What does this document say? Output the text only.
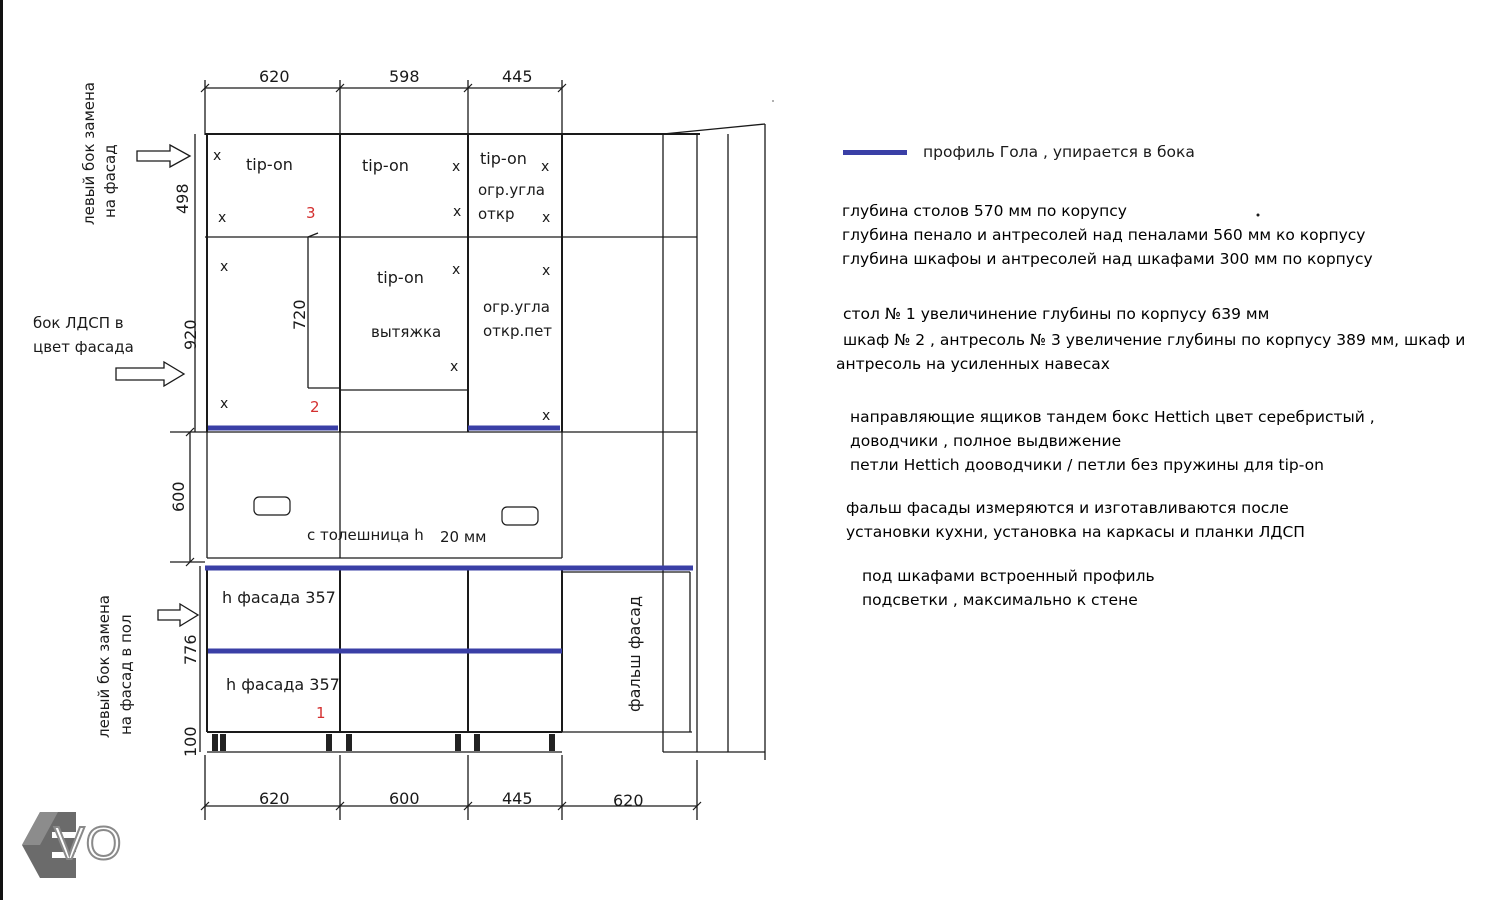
620	598	445
620	600	445	620
498
920
600
776
100
720
левый бок замена на фасад
левый бок замена на фасад в пол
бок ЛДСП в
цвет фасада
tip-on	tip-on	tip-on
огр.угла
откр
tip-on
вытяжка
огр.угла
откр.пет
с толешница h 20 мм
h фасада 357
h фасада 357	фальш фасад
x
x
x
x
x
x
x
x
x
x
x
x
3
2
1
профиль Гола , упирается в бока
глубина столов 570 мм по корупсу
глубина пенало и антресолей над пеналами 560 мм ко корпусу
глубина шкафоы и антресолей над шкафами 300 мм по корпусу
стол № 1 увеличинение глубины по корпусу 639 мм
шкаф № 2 , антресоль № 3 увеличение глубины по корпусу 389 мм, шкаф и
антресоль на усиленных навесах
направляющие ящиков тандем бокс Hettich цвет серебристый ,
доводчики , полное выдвижение
петли Hettich доовoдчики / петли без пружины для tip-on
фальш фасады измеряются и изготавливаются после
установки кухни, установка на каркасы и планки ЛДСП
под шкафами встроенный профиль
подсветки , максимально к стене
VO
